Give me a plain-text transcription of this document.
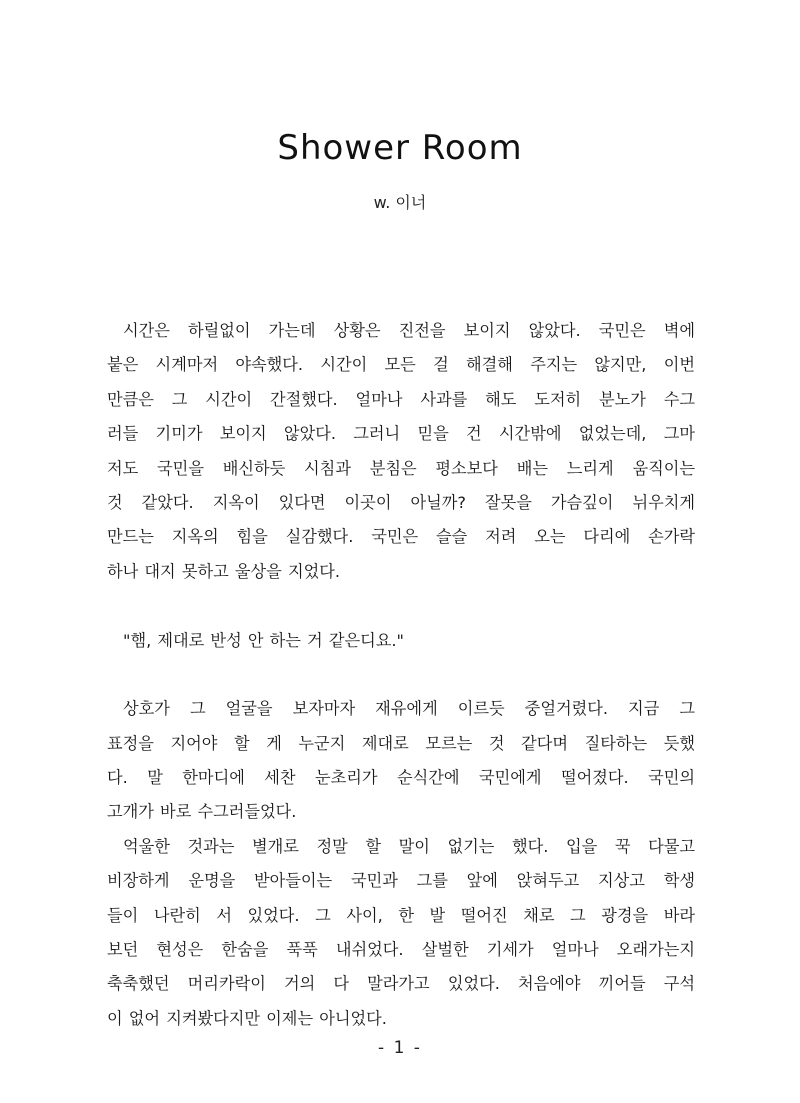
Shower Room
w. 이너
시간은 하릴없이 가는데 상황은 진전을 보이지 않았다. 국민은 벽에
붙은 시계마저 야속했다. 시간이 모든 걸 해결해 주지는 않지만, 이번
만큼은 그 시간이 간절했다. 얼마나 사과를 해도 도저히 분노가 수그
러들 기미가 보이지 않았다. 그러니 믿을 건 시간밖에 없었는데, 그마
저도 국민을 배신하듯 시침과 분침은 평소보다 배는 느리게 움직이는
것 같았다. 지옥이 있다면 이곳이 아닐까? 잘못을 가슴깊이 뉘우치게
만드는 지옥의 힘을 실감했다. 국민은 슬슬 저려 오는 다리에 손가락
하나 대지 못하고 울상을 지었다.
"햄, 제대로 반성 안 하는 거 같은디요."
상호가 그 얼굴을 보자마자 재유에게 이르듯 중얼거렸다. 지금 그
표정을 지어야 할 게 누군지 제대로 모르는 것 같다며 질타하는 듯했
다. 말 한마디에 세찬 눈초리가 순식간에 국민에게 떨어졌다. 국민의
고개가 바로 수그러들었다.
억울한 것과는 별개로 정말 할 말이 없기는 했다. 입을 꾹 다물고
비장하게 운명을 받아들이는 국민과 그를 앞에 앉혀두고 지상고 학생
들이 나란히 서 있었다. 그 사이, 한 발 떨어진 채로 그 광경을 바라
보던 현성은 한숨을 푹푹 내쉬었다. 살벌한 기세가 얼마나 오래가는지
축축했던 머리카락이 거의 다 말라가고 있었다. 처음에야 끼어들 구석
이 없어 지켜봤다지만 이제는 아니었다.
- 1 -
